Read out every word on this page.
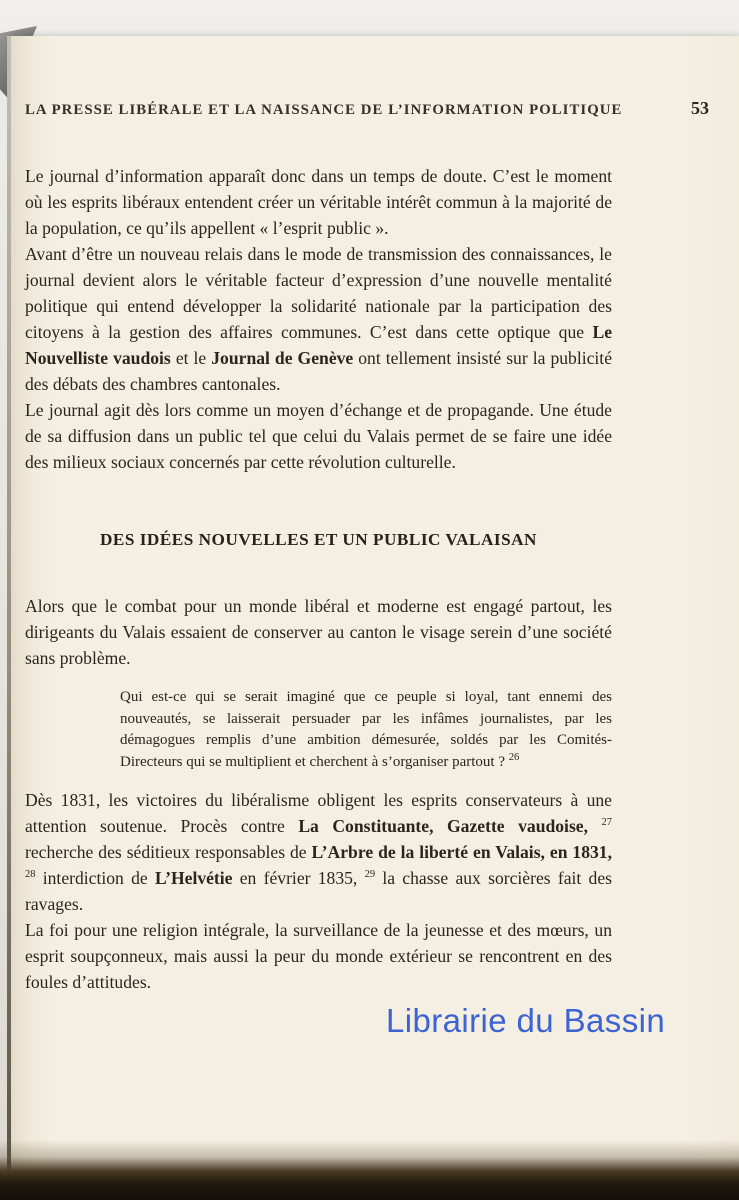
LA PRESSE LIBÉRALE ET LA NAISSANCE DE L’INFORMATION POLITIQUE	53

Le journal d’information apparaît donc dans un temps de doute. C’est le moment où les esprits libéraux entendent créer un véritable intérêt commun à la majorité de la population, ce qu’ils appellent « l’esprit public ».

Avant d’être un nouveau relais dans le mode de transmission des connaissances, le journal devient alors le véritable facteur d’expression d’une nouvelle mentalité politique qui entend développer la solidarité nationale par la participation des citoyens à la gestion des affaires communes. C’est dans cette optique que Le Nouvelliste vaudois et le Journal de Genève ont tellement insisté sur la publicité des débats des chambres cantonales.

Le journal agit dès lors comme un moyen d’échange et de propagande. Une étude de sa diffusion dans un public tel que celui du Valais permet de se faire une idée des milieux sociaux concernés par cette révolution culturelle.

DES IDÉES NOUVELLES ET UN PUBLIC VALAISAN

Alors que le combat pour un monde libéral et moderne est engagé partout, les dirigeants du Valais essaient de conserver au canton le visage serein d’une société sans problème.

Qui est-ce qui se serait imaginé que ce peuple si loyal, tant ennemi des nouveautés, se laisserait persuader par les infâmes journalistes, par les démagogues remplis d’une ambition démesurée, soldés par les Comités-Directeurs qui se multiplient et cherchent à s’organiser partout ? $^{26}$

Dès 1831, les victoires du libéralisme obligent les esprits conservateurs à une attention soutenue. Procès contre La Constituante, Gazette vaudoise, $^{27}$ recherche des séditieux responsables de L’Arbre de la liberté en Valais, en 1831, $^{28}$ interdiction de L’Helvétie en février 1835, $^{29}$ la chasse aux sorcières fait des ravages.

La foi pour une religion intégrale, la surveillance de la jeunesse et des mœurs, un esprit soupçonneux, mais aussi la peur du monde extérieur se rencontrent en des foules d’attitudes.

Librairie du Bassin
